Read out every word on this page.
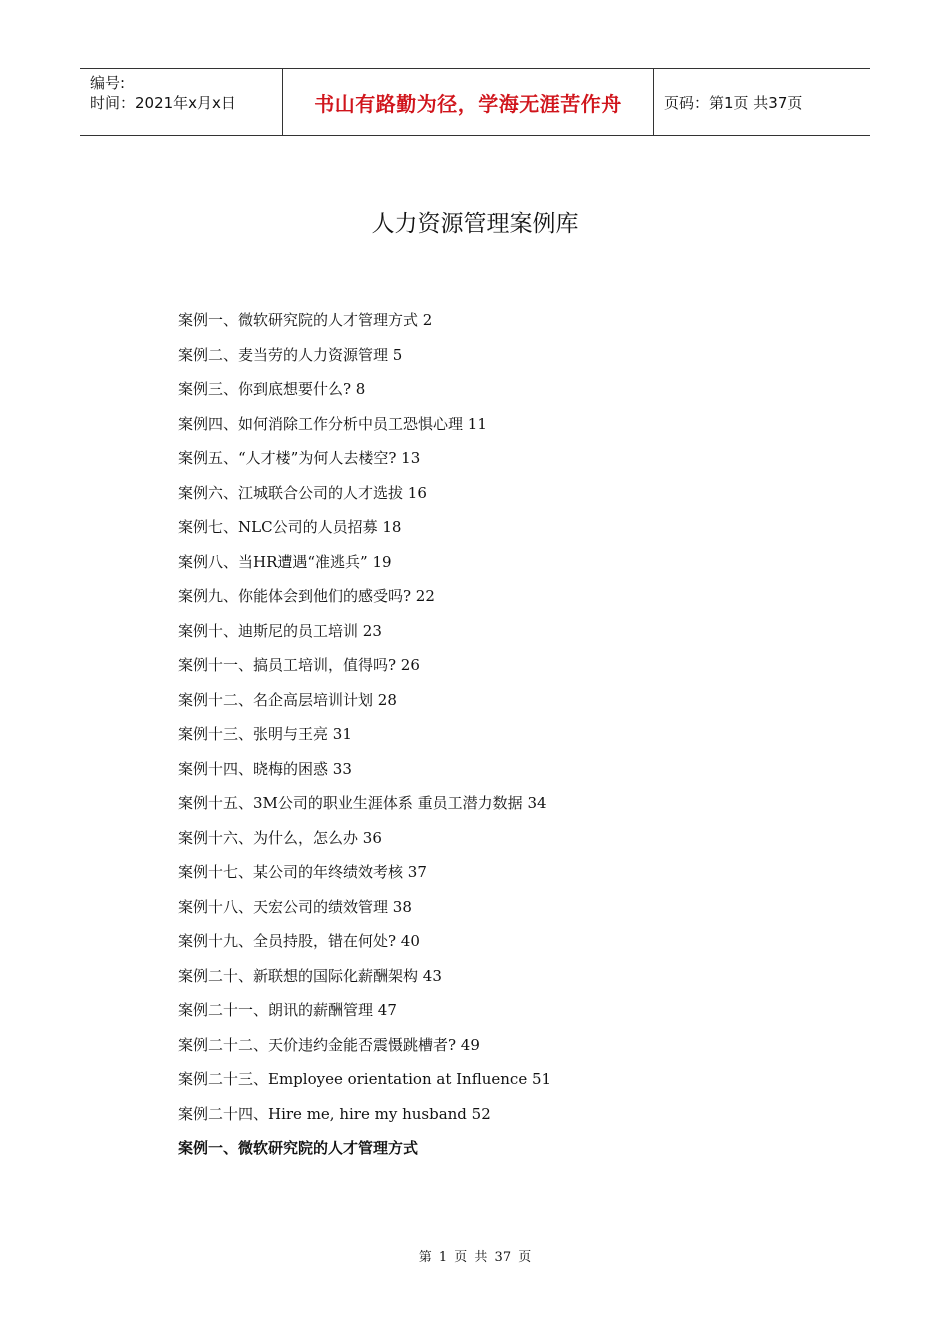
编号:
时间：2021年x月x日	书山有路勤为径，学海无涯苦作舟	页码：第1页 共37页
人力资源管理案例库
案例一、微软研究院的人才管理方式 2
案例二、麦当劳的人力资源管理 5
案例三、你到底想要什么? 8
案例四、如何消除工作分析中员工恐惧心理 11
案例五、“人才楼”为何人去楼空? 13
案例六、江城联合公司的人才选拔 16
案例七、NLC公司的人员招募 18
案例八、当HR遭遇“准逃兵” 19
案例九、你能体会到他们的感受吗? 22
案例十、迪斯尼的员工培训 23
案例十一、搞员工培训，值得吗? 26
案例十二、名企高层培训计划 28
案例十三、张明与王亮 31
案例十四、晓梅的困惑 33
案例十五、3M公司的职业生涯体系 重员工潜力数据 34
案例十六、为什么，怎么办 36
案例十七、某公司的年终绩效考核 37
案例十八、天宏公司的绩效管理 38
案例十九、全员持股，错在何处? 40
案例二十、新联想的国际化薪酬架构 43
案例二十一、朗讯的薪酬管理 47
案例二十二、天价违约金能否震慑跳槽者? 49
案例二十三、Employee orientation at Influence 51
案例二十四、Hire me, hire my husband 52
案例一、微软研究院的人才管理方式
第 1 页 共 37 页
